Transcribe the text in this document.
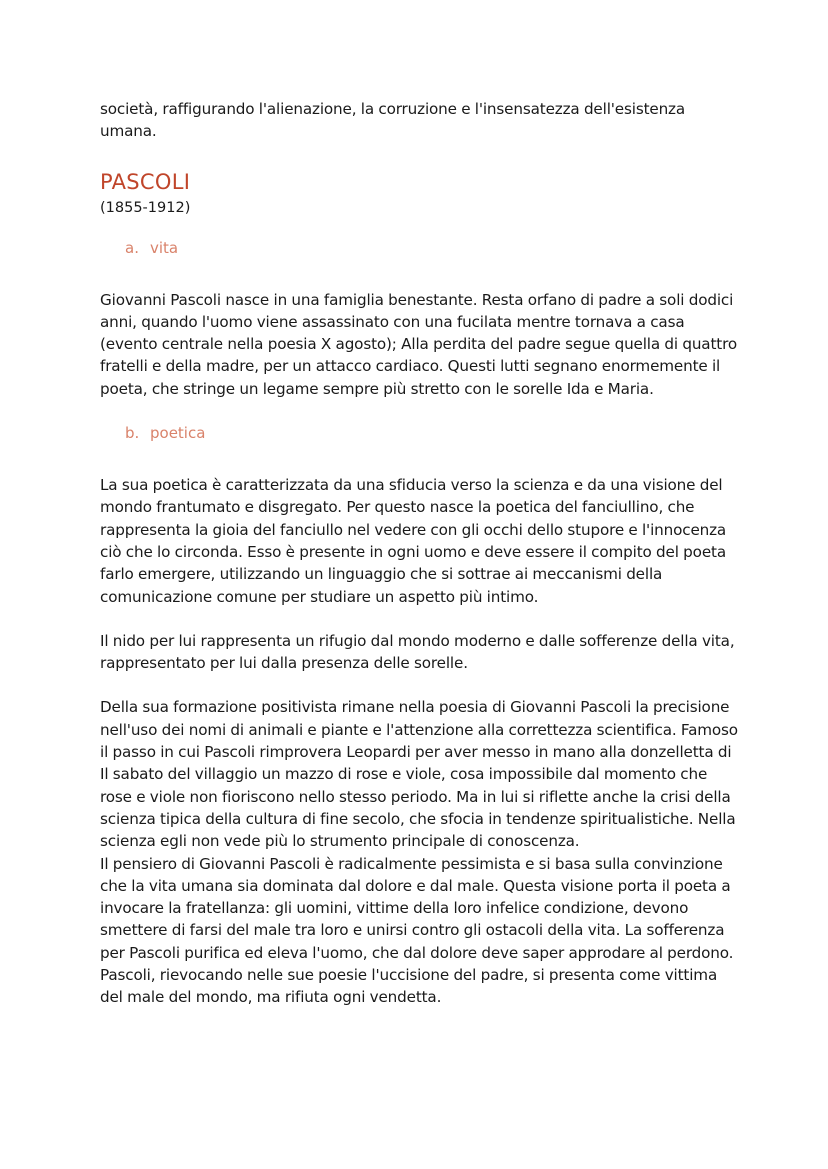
società, raffigurando l'alienazione, la corruzione e l'insensatezza dell'esistenza umana.

PASCOLI
(1855-1912)
a. vita

Giovanni Pascoli nasce in una famiglia benestante. Resta orfano di padre a soli dodici anni, quando l'uomo viene assassinato con una fucilata mentre tornava a casa (evento centrale nella poesia X agosto); Alla perdita del padre segue quella di quattro fratelli e della madre, per un attacco cardiaco. Questi lutti segnano enormemente il poeta, che stringe un legame sempre più stretto con le sorelle Ida e Maria.

b. poetica

La sua poetica è caratterizzata da una sfiducia verso la scienza e da una visione del mondo frantumato e disgregato. Per questo nasce la poetica del fanciullino, che rappresenta la gioia del fanciullo nel vedere con gli occhi dello stupore e l'innocenza ciò che lo circonda. Esso è presente in ogni uomo e deve essere il compito del poeta farlo emergere, utilizzando un linguaggio che si sottrae ai meccanismi della comunicazione comune per studiare un aspetto più intimo.

Il nido per lui rappresenta un rifugio dal mondo moderno e dalle sofferenze della vita, rappresentato per lui dalla presenza delle sorelle.

Della sua formazione positivista rimane nella poesia di Giovanni Pascoli la precisione nell'uso dei nomi di animali e piante e l'attenzione alla correttezza scientifica. Famoso il passo in cui Pascoli rimprovera Leopardi per aver messo in mano alla donzelletta di Il sabato del villaggio un mazzo di rose e viole, cosa impossibile dal momento che rose e viole non fioriscono nello stesso periodo. Ma in lui si riflette anche la crisi della scienza tipica della cultura di fine secolo, che sfocia in tendenze spiritualistiche. Nella scienza egli non vede più lo strumento principale di conoscenza.

Il pensiero di Giovanni Pascoli è radicalmente pessimista e si basa sulla convinzione che la vita umana sia dominata dal dolore e dal male. Questa visione porta il poeta a invocare la fratellanza: gli uomini, vittime della loro infelice condizione, devono smettere di farsi del male tra loro e unirsi contro gli ostacoli della vita. La sofferenza per Pascoli purifica ed eleva l'uomo, che dal dolore deve saper approdare al perdono. Pascoli, rievocando nelle sue poesie l'uccisione del padre, si presenta come vittima del male del mondo, ma rifiuta ogni vendetta.
